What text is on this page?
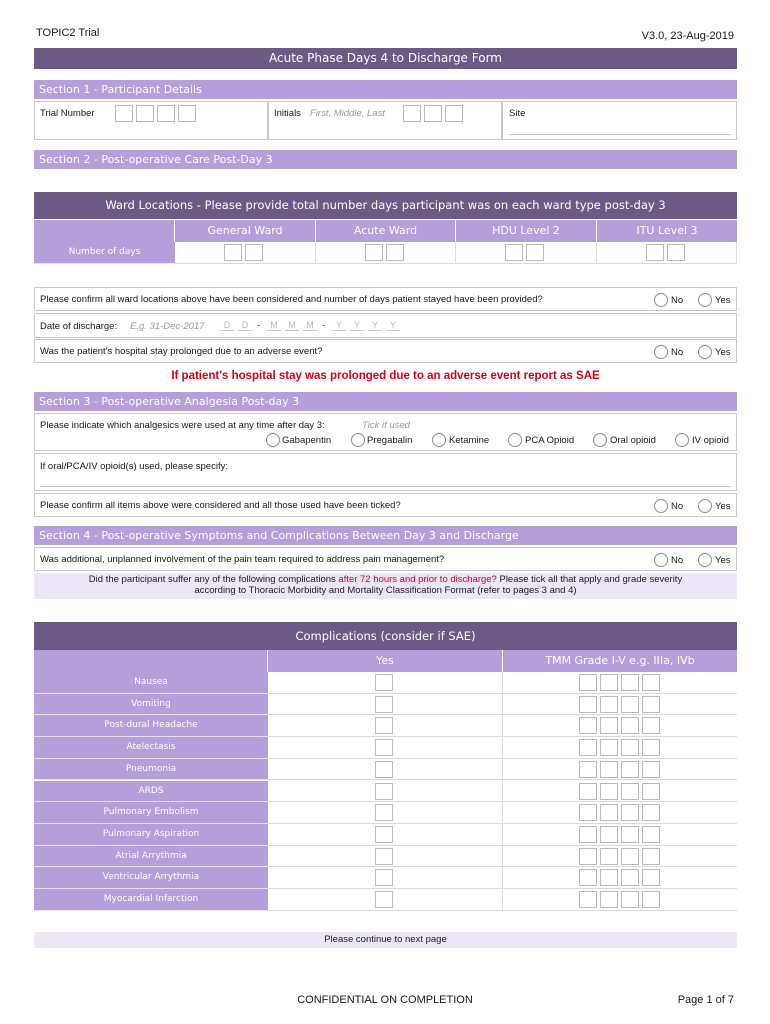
TOPIC2 Trial	V3.0, 23-Aug-2019
Acute Phase Days 4 to Discharge Form
Section 1 - Participant Details
Trial Number	Initials First, Middle, Last	Site
Section 2 - Post-operative Care Post-Day 3
Ward Locations - Please provide total number days participant was on each ward type post-day 3
General Ward	Acute Ward	HDU Level 2	ITU Level 3
Number of days
Please confirm all ward locations above have been considered and number of days patient stayed have been provided?	No	Yes
Date of discharge: E.g. 31-Dec-2017	D	D -	M	M	M -	Y	Y	Y	Y
Was the patient's hospital stay prolonged due to an adverse event?	No	Yes
If patient's hospital stay was prolonged due to an adverse event report as SAE
Section 3 - Post-operative Analgesia Post-day 3
Please indicate which analgesics were used at any time after day 3:	Tick if used
Gabapentin	Pregabalin	Ketamine	PCA Opioid	Oral opioid	IV opioid
If oral/PCA/IV opioid(s) used, please specify:
Please confirm all items above were considered and all those used have been ticked?	No	Yes
Section 4 - Post-operative Symptoms and Complications Between Day 3 and Discharge
Was additional, unplanned involvement of the pain team required to address pain management?	No	Yes
Did the participant suffer any of the following complications after 72 hours and prior to discharge? Please tick all that apply and grade severity
according to Thoracic Morbidity and Mortality Classification Format (refer to pages 3 and 4)
Complications (consider if SAE)
Yes	TMM Grade I-V e.g. IIIa, IVb
Nausea
Vomiting
Post-dural Headache
Atelectasis
Pneumonia
ARDS
Pulmonary Embolism
Pulmonary Aspiration
Atrial Arrythmia
Ventricular Arrythmia
Myocardial Infarction
Please continue to next page
CONFIDENTIAL ON COMPLETION	Page 1 of 7
